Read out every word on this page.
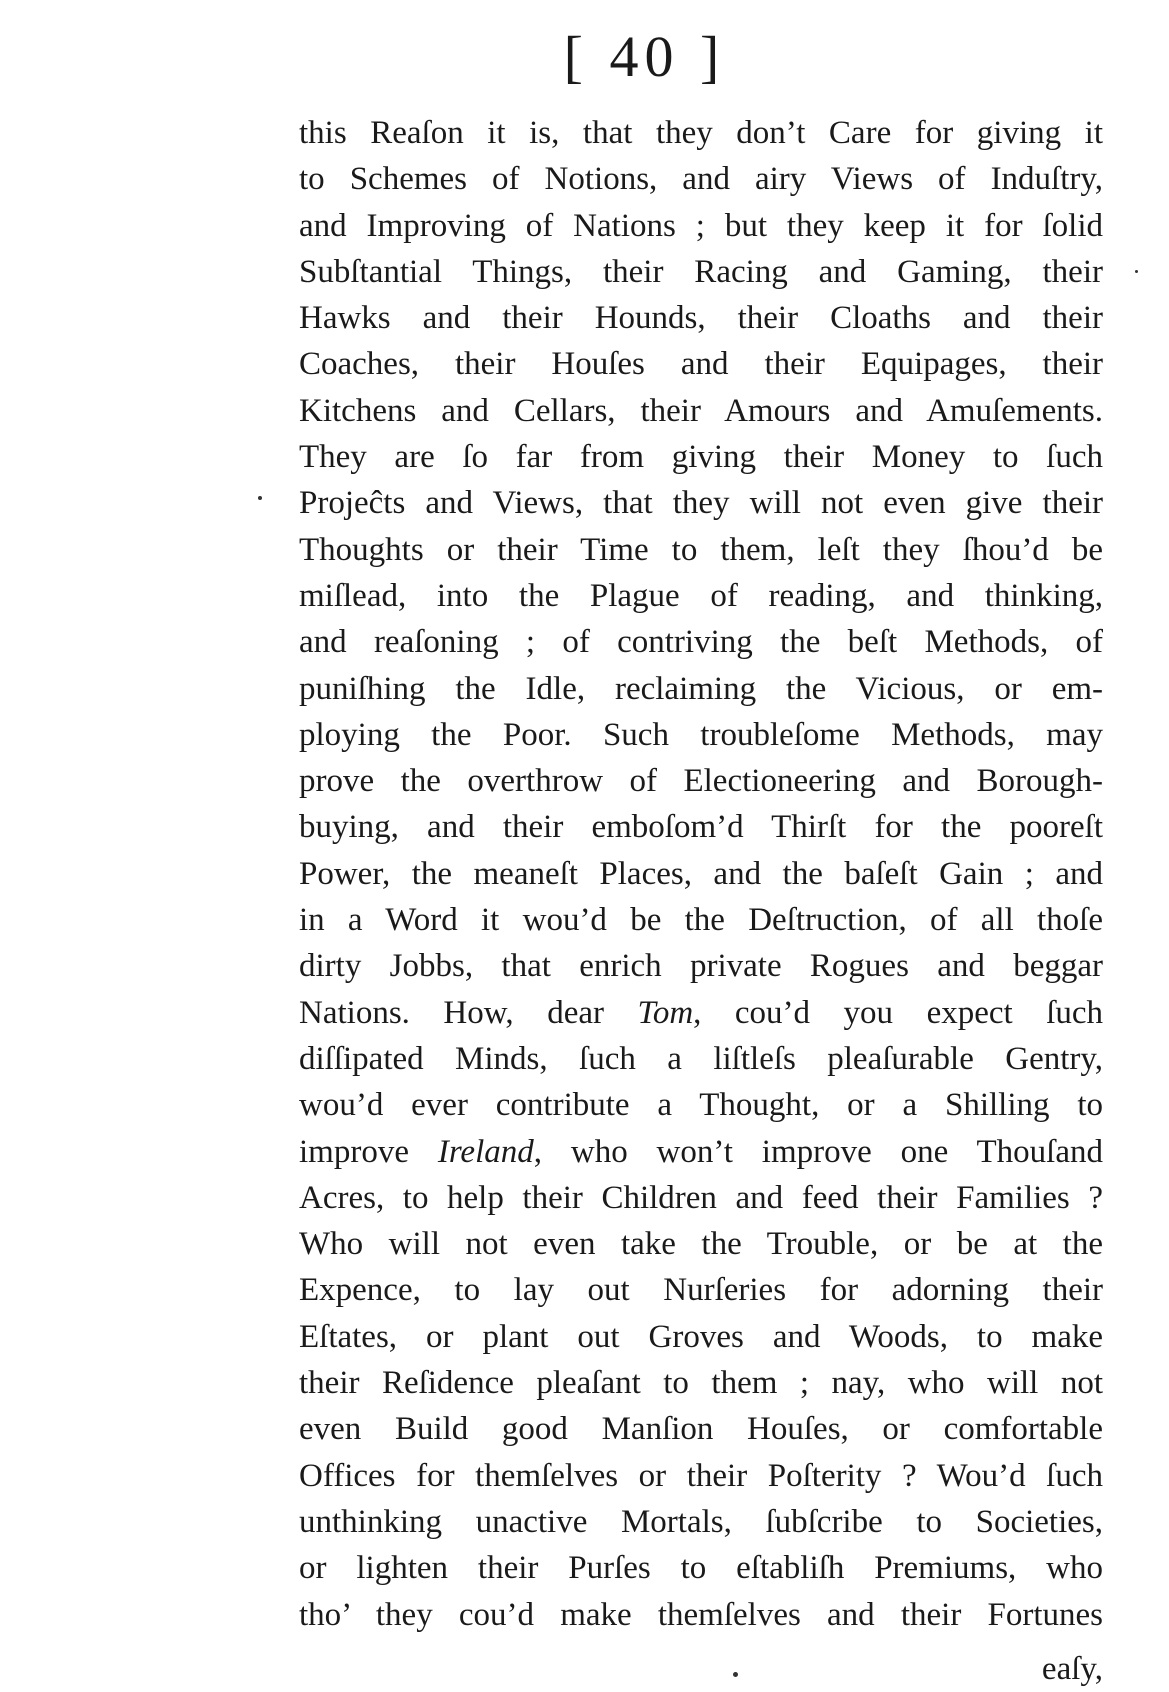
[ 40 ]
this Reaſon it is, that they don’t Care for giving it
to Schemes of Notions, and airy Views of Induſtry,
and Improving of Nations ; but they keep it for ſolid
Subſtantial Things, their Racing and Gaming, their
Hawks and their Hounds, their Cloaths and their
Coaches, their Houſes and their Equipages, their
Kitchens and Cellars, their Amours and Amuſements.
They are ſo far from giving their Money to ſuch
Projeĉts and Views, that they will not even give their
Thoughts or their Time to them, leſt they ſhou’d be
miſlead, into the Plague of reading, and thinking,
and reaſoning ; of contriving the beſt Methods, of
puniſhing the Idle, reclaiming the Vicious, or em-
ploying the Poor. Such troubleſome Methods, may
prove the overthrow of Electioneering and Borough-
buying, and their emboſom’d Thirſt for the pooreſt
Power, the meaneſt Places, and the baſeſt Gain ; and
in a Word it wou’d be the Deſtruction, of all thoſe
dirty Jobbs, that enrich private Rogues and beggar
Nations. How, dear Tom, cou’d you expect ſuch
diſſipated Minds, ſuch a liſtleſs pleaſurable Gentry,
wou’d ever contribute a Thought, or a Shilling to
improve Ireland, who won’t improve one Thouſand
Acres, to help their Children and feed their Families ?
Who will not even take the Trouble, or be at the
Expence, to lay out Nurſeries for adorning their
Eſtates, or plant out Groves and Woods, to make
their Reſidence pleaſant to them ; nay, who will not
even Build good Manſion Houſes, or comfortable
Offices for themſelves or their Poſterity ? Wou’d ſuch
unthinking unactive Mortals, ſubſcribe to Societies,
or lighten their Purſes to eſtabliſh Premiums, who
tho’ they cou’d make themſelves and their Fortunes
eaſy,
